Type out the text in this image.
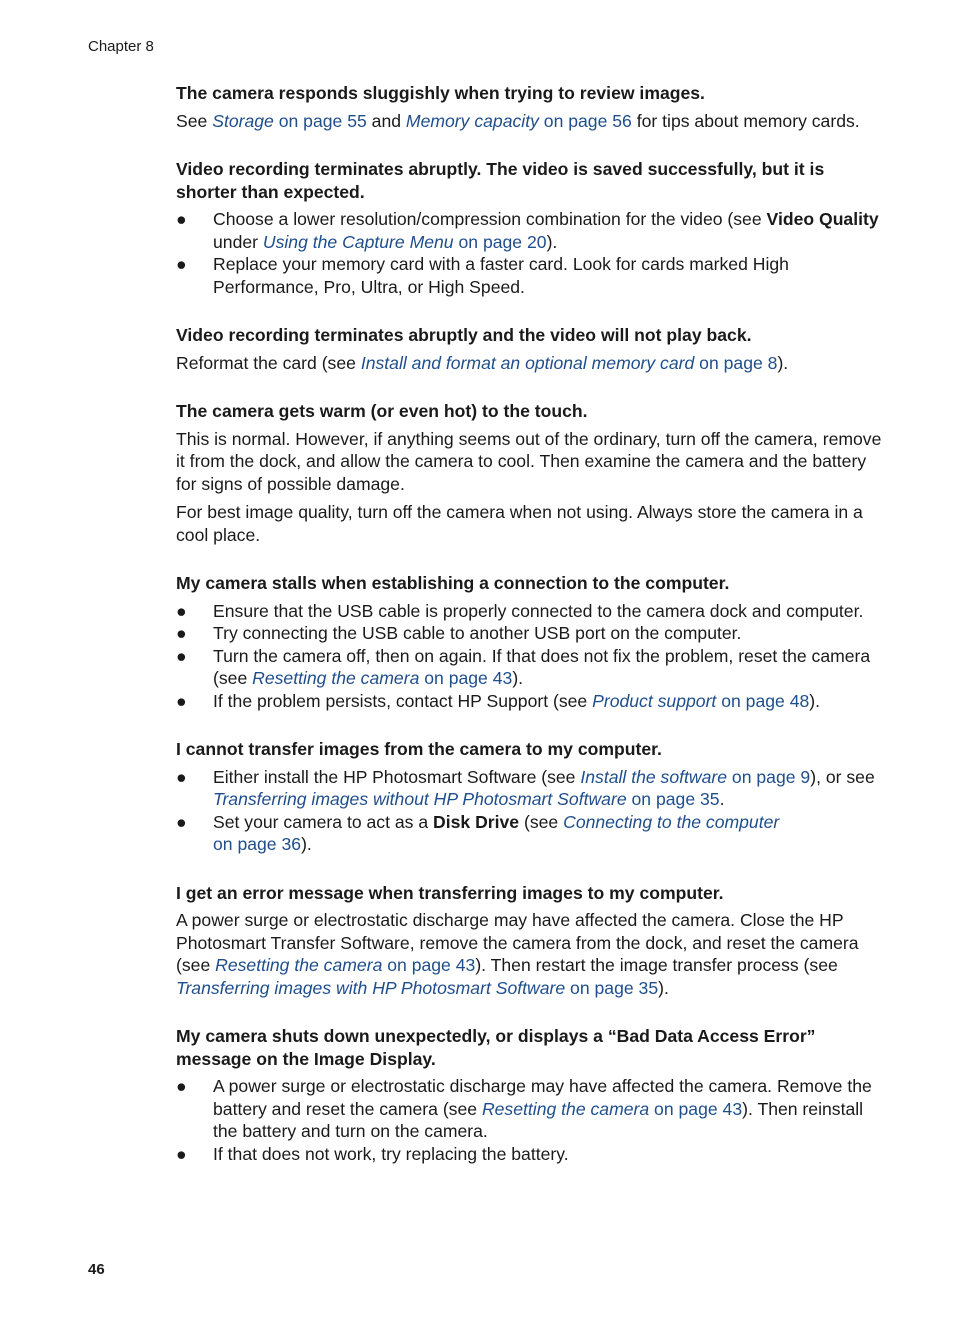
Chapter 8
The camera responds sluggishly when trying to review images.

See Storage on page 55 and Memory capacity on page 56 for tips about memory cards.

Video recording terminates abruptly. The video is saved successfully, but it is shorter than expected.
● Choose a lower resolution/compression combination for the video (see Video Quality under Using the Capture Menu on page 20).
● Replace your memory card with a faster card. Look for cards marked High Performance, Pro, Ultra, or High Speed.
Video recording terminates abruptly and the video will not play back.

Reformat the card (see Install and format an optional memory card on page 8).

The camera gets warm (or even hot) to the touch.

This is normal. However, if anything seems out of the ordinary, turn off the camera, remove it from the dock, and allow the camera to cool. Then examine the camera and the battery for signs of possible damage.

For best image quality, turn off the camera when not using. Always store the camera in a cool place.

My camera stalls when establishing a connection to the computer.
● Ensure that the USB cable is properly connected to the camera dock and computer.
● Try connecting the USB cable to another USB port on the computer.
● Turn the camera off, then on again. If that does not fix the problem, reset the camera (see Resetting the camera on page 43).
● If the problem persists, contact HP Support (see Product support on page 48).
I cannot transfer images from the camera to my computer.
● Either install the HP Photosmart Software (see Install the software on page 9), or see Transferring images without HP Photosmart Software on page 35.
● Set your camera to act as a Disk Drive (see Connecting to the computer
on page 36).
I get an error message when transferring images to my computer.

A power surge or electrostatic discharge may have affected the camera. Close the HP Photosmart Transfer Software, remove the camera from the dock, and reset the camera (see Resetting the camera on page 43). Then restart the image transfer process (see Transferring images with HP Photosmart Software on page 35).

My camera shuts down unexpectedly, or displays a “Bad Data Access Error” message on the Image Display.
● A power surge or electrostatic discharge may have affected the camera. Remove the battery and reset the camera (see Resetting the camera on page 43). Then reinstall the battery and turn on the camera.
● If that does not work, try replacing the battery.
46
